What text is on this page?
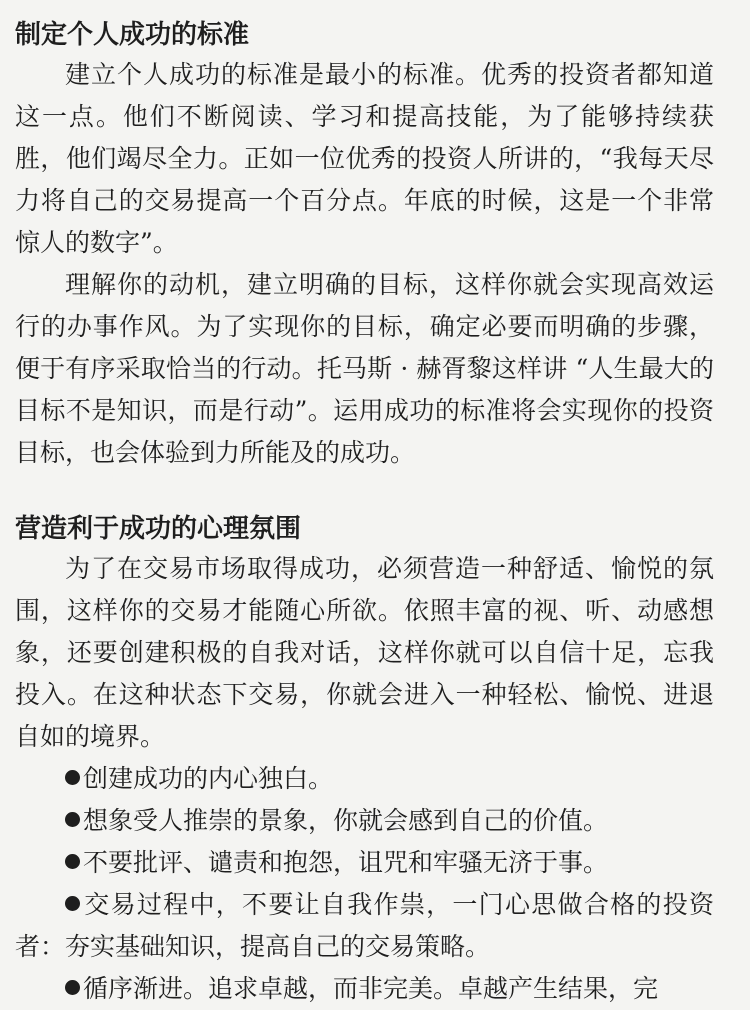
制定个人成功的标准

建立个人成功的标准是最小的标准。优秀的投资者都知道这一点。他们不断阅读、学习和提高技能，为了能够持续获胜，他们竭尽全力。正如一位优秀的投资人所讲的，“我每天尽力将自己的交易提高一个百分点。年底的时候，这是一个非常惊人的数字”。

理解你的动机，建立明确的目标，这样你就会实现高效运行的办事作风。为了实现你的目标，确定必要而明确的步骤，便于有序采取恰当的行动。托马斯 · 赫胥黎这样讲 “人生最大的目标不是知识，而是行动”。运用成功的标准将会实现你的投资目标，也会体验到力所能及的成功。

营造利于成功的心理氛围

为了在交易市场取得成功，必须营造一种舒适、愉悦的氛围，这样你的交易才能随心所欲。依照丰富的视、听、动感想象，还要创建积极的自我对话，这样你就可以自信十足，忘我投入。在这种状态下交易，你就会进入一种轻松、愉悦、进退自如的境界。

创建成功的内心独白。

想象受人推崇的景象，你就会感到自己的价值。

不要批评、谴责和抱怨，诅咒和牢骚无济于事。

交易过程中，不要让自我作祟，一门心思做合格的投资者：夯实基础知识，提高自己的交易策略。

循序渐进。追求卓越，而非完美。卓越产生结果，完
